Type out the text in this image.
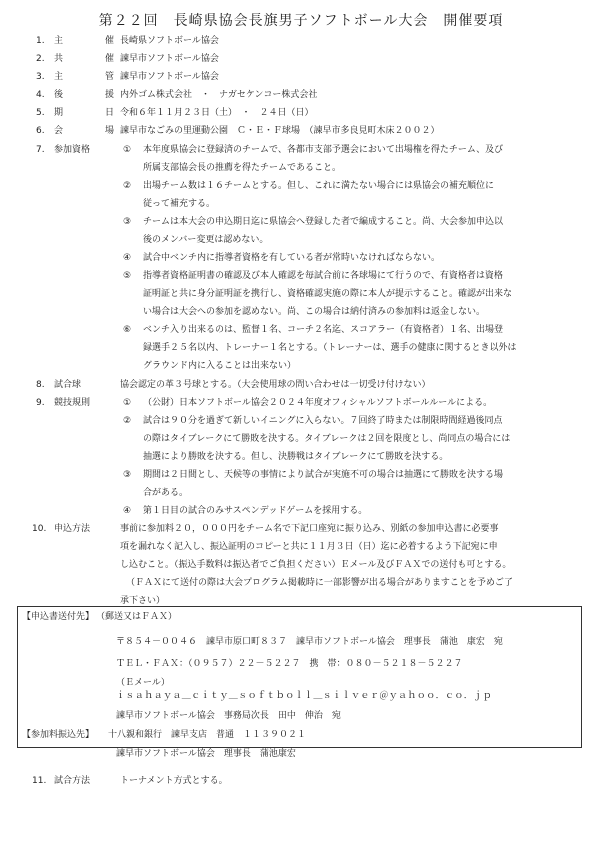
第２２回　長崎県協会長旗男子ソフトボール大会　開催要項
1.	主	催 長崎県ソフトボール協会
2.	共	催 諫早市ソフトボール協会
3.	主	管 諫早市ソフトボール協会
4.	後	援 内外ゴム株式会社　・　ナガセケンコー株式会社
5.	期	日 令和６年１１月２３日（土）　・　２４日（日）
6.	会	場 諫早市なごみの里運動公園　Ｃ・Ｅ・Ｆ球場　（諫早市多良見町木床２００２）
7.	参加資格	①	本年度県協会に登録済のチームで、各都市支部予選会において出場権を得たチーム、及び
所属支部協会長の推薦を得たチームであること。
②	出場チーム数は１６チームとする。但し、これに満たない場合には県協会の補充順位に
従って補充する。
③	チームは本大会の申込期日迄に県協会へ登録した者で編成すること。尚、大会参加申込以
後のメンバー変更は認めない。
④	試合中ベンチ内に指導者資格を有している者が常時いなければならない。
⑤	指導者資格証明書の確認及び本人確認を毎試合前に各球場にて行うので、有資格者は資格
証明証と共に身分証明証を携行し、資格確認実施の際に本人が提示すること。確認が出来な
い場合は大会への参加を認めない。尚、この場合は納付済みの参加料は返金しない。
⑥	ベンチ入り出来るのは、監督１名、コーチ２名迄、スコアラー（有資格者）１名、出場登
録選手２５名以内、トレーナー１名とする。（トレーナーは、選手の健康に関するとき以外は
グラウンド内に入ることは出来ない）
8.	試合球	協会認定の革３号球とする。（大会使用球の問い合わせは一切受け付けない）
9.	競技規則	①	（公財）日本ソフトボール協会２０２４年度オフィシャルソフトボールルールによる。
②	試合は９０分を過ぎて新しいイニングに入らない。７回終了時または制限時間経過後同点
の際はタイブレークにて勝敗を決する。タイブレークは２回を限度とし、尚同点の場合には
抽選により勝敗を決する。但し、決勝戦はタイブレークにて勝敗を決する。
③	期間は２日間とし、天候等の事情により試合が実施不可の場合は抽選にて勝敗を決する場
合がある。
④	第１日目の試合のみサスペンデッドゲームを採用する。
10. 申込方法	事前に参加料２０，０００円をチーム名で下記口座宛に振り込み、別紙の参加申込書に必要事
項を漏れなく記入し、振込証明のコピーと共に１１月３日（日）迄に必着するよう下記宛に申
し込むこと。（振込手数料は振込者でご負担ください）Ｅメール及びＦＡＸでの送付も可とする。
（ＦＡＸにて送付の際は大会プログラム掲載時に一部影響が出る場合がありますことを予めご了
承下さい）
【申込書送付先】 （郵送又はＦＡＸ）
〒８５４－００４６　諫早市原口町８３７　諫早市ソフトボール協会　理事長　蒲池　康宏　宛
ＴＥＬ・ＦＡＸ：（０９５７）２２－５２２７　携　帯：０８０－５２１８－５２２７
（Ｅメール）
ｉｓａｈａｙａ＿ｃｉｔｙ＿ｓｏｆｔｂｏｌｌ＿ｓｉｌｖｅｒ＠ｙａｈｏｏ．ｃｏ．ｊｐ
諫早市ソフトボール協会　事務局次長　田中　伸治　宛
【参加料振込先】 十八親和銀行　諫早支店　普通　１１３９０２１
諫早市ソフトボール協会　理事長　蒲池康宏
11. 試合方法	トーナメント方式とする。
